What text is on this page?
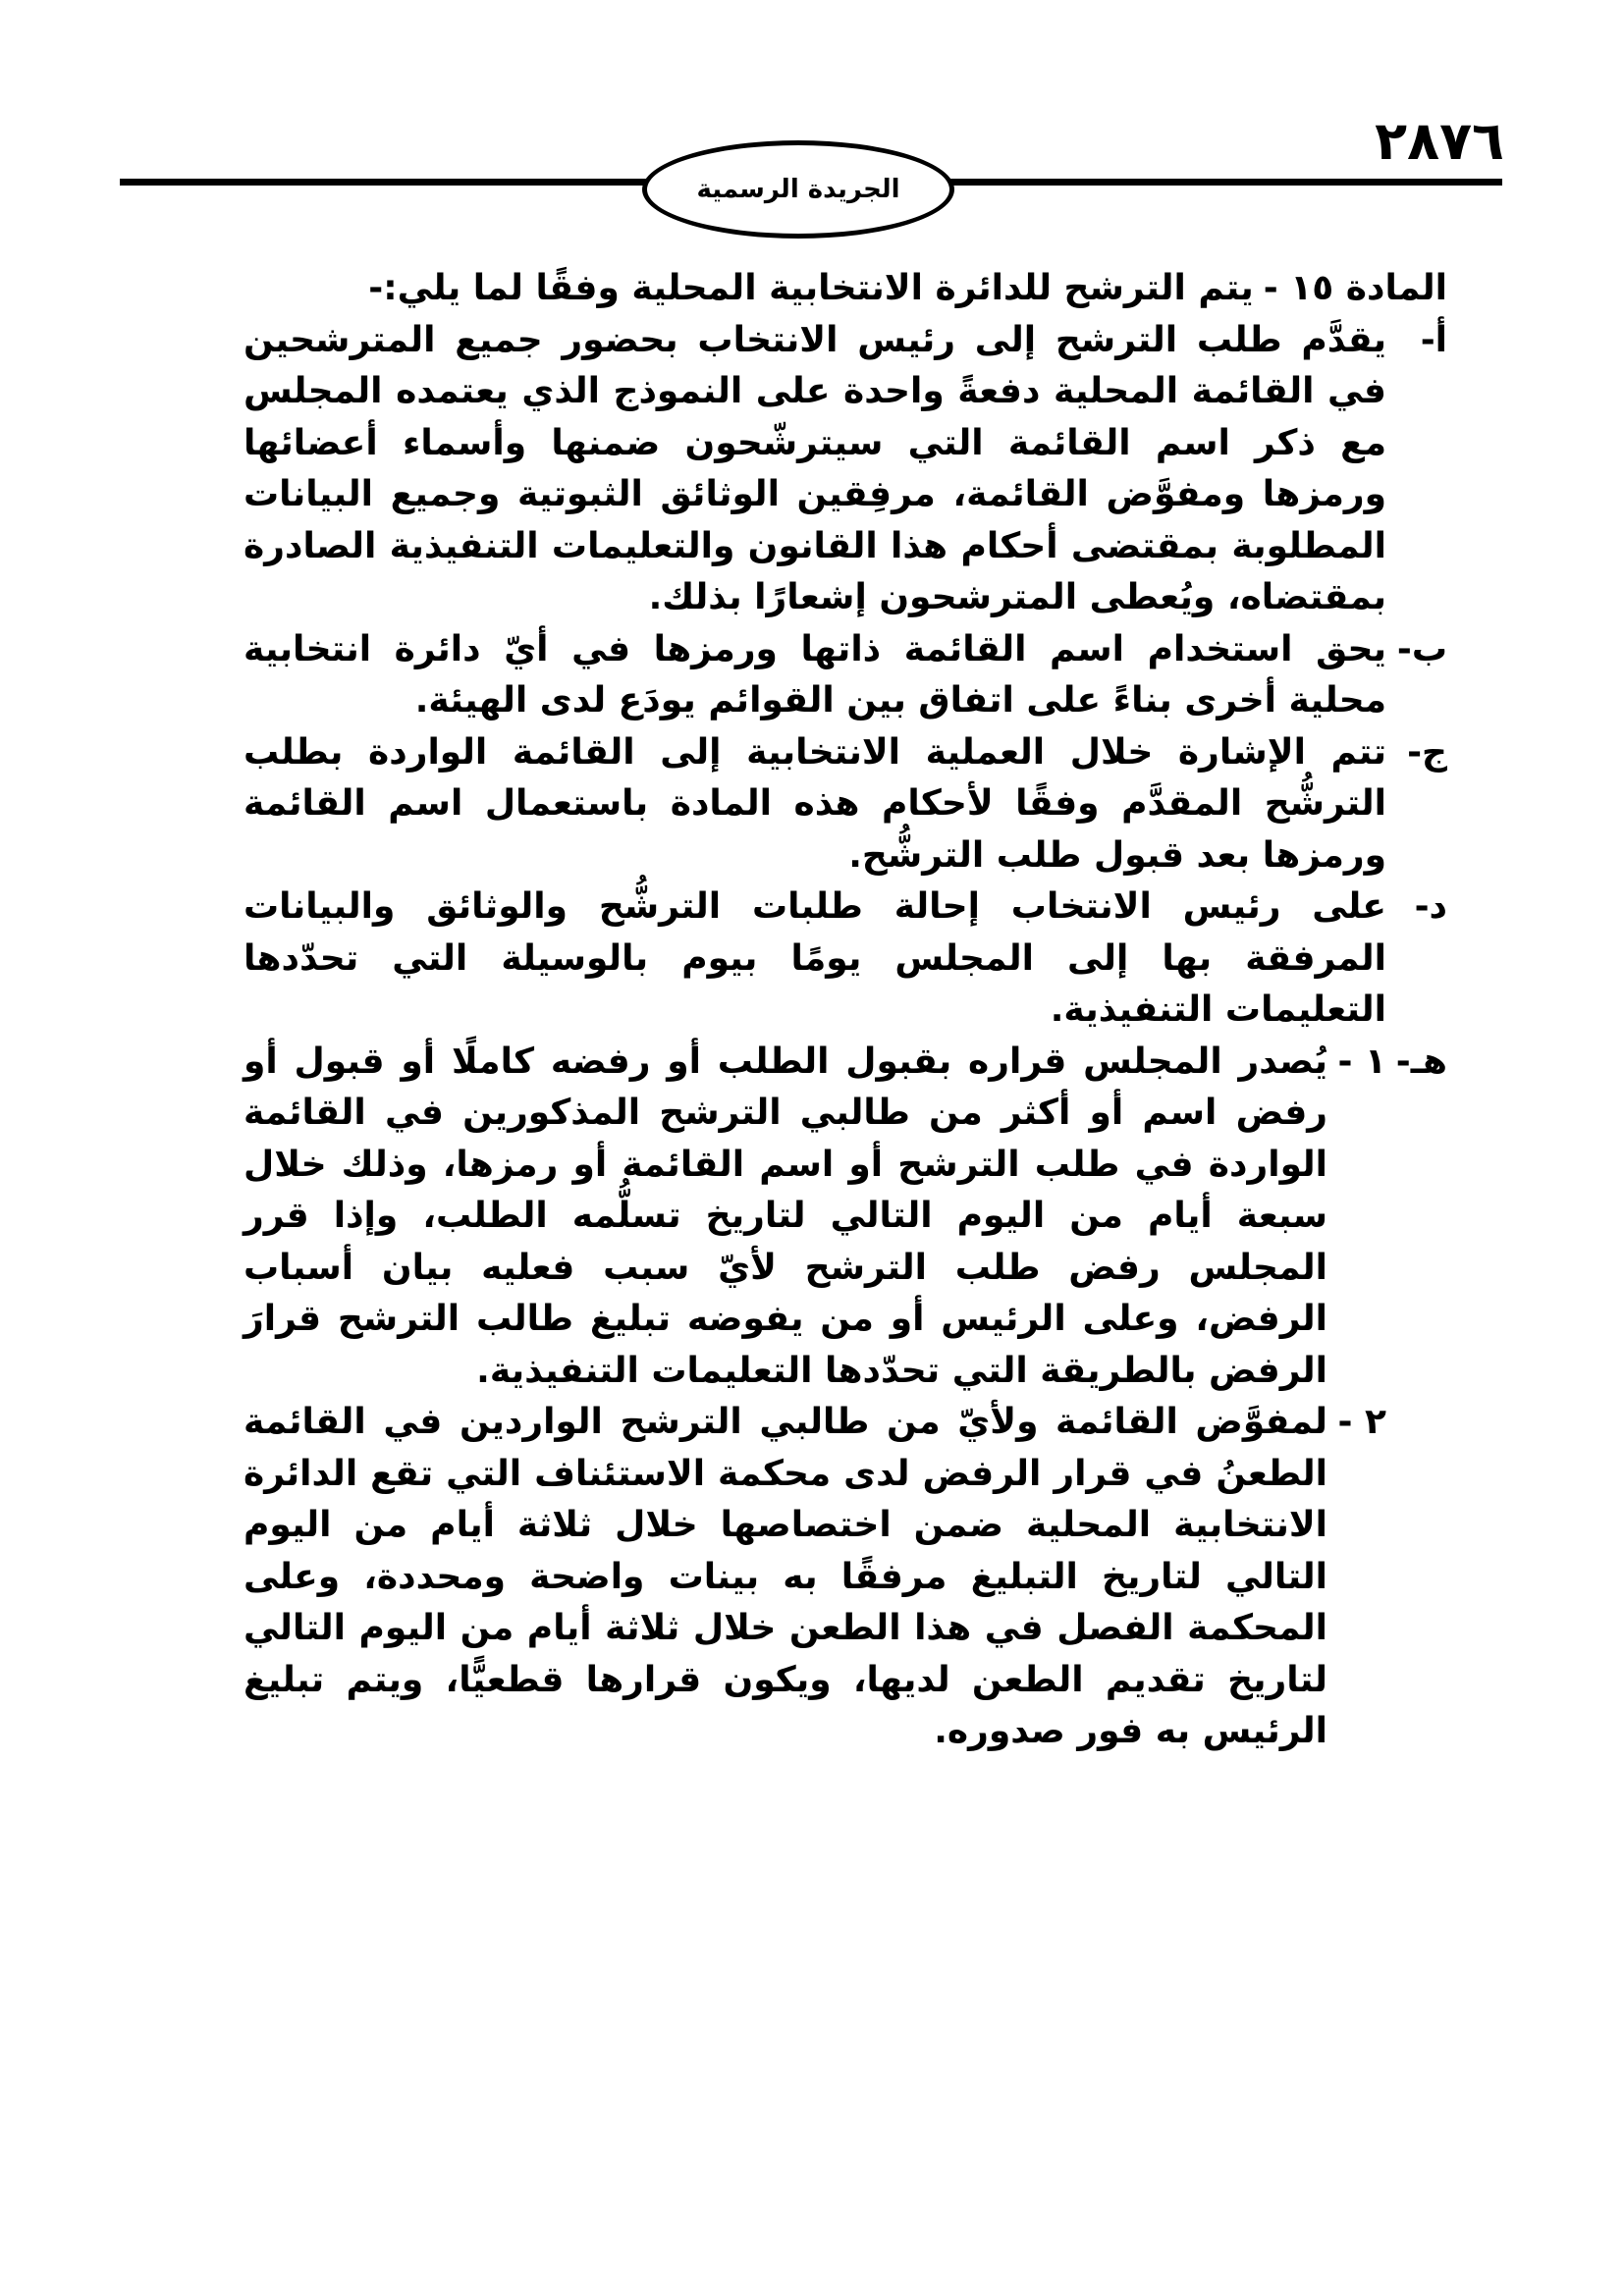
٢٨٧٦
الجريدة الرسمية

المادة ١٥ -
يتم الترشح للدائرة الانتخابية المحلية وفقًا لما يلي:-

أ-
يقدَّم طلب الترشح إلى رئيس الانتخاب بحضور جميع المترشحين في القائمة المحلية دفعةً واحدة على النموذج الذي يعتمده المجلس مع ذكر اسم القائمة التي سيترشّحون ضمنها وأسماء أعضائها ورمزها ومفوَّض القائمة، مرفِقين الوثائق الثبوتية وجميع البيانات المطلوبة بمقتضى أحكام هذا القانون والتعليمات التنفيذية الصادرة بمقتضاه، ويُعطى المترشحون إشعارًا بذلك.
ب-
يحق استخدام اسم القائمة ذاتها ورمزها في أيّ دائرة انتخابية محلية أخرى بناءً على اتفاق بين القوائم يودَع لدى الهيئة.
ج-
تتم الإشارة خلال العملية الانتخابية إلى القائمة الواردة بطلب الترشُّح المقدَّم وفقًا لأحكام هذه المادة باستعمال اسم القائمة ورمزها بعد قبول طلب الترشُّح.
د-
على رئيس الانتخاب إحالة طلبات الترشُّح والوثائق والبيانات المرفقة بها إلى المجلس يومًا بيوم بالوسيلة التي تحدّدها التعليمات التنفيذية.
هـ-
١ -
يُصدر المجلس قراره بقبول الطلب أو رفضه كاملًا أو قبول أو رفض اسم أو أكثر من طالبي الترشح المذكورين في القائمة الواردة في طلب الترشح أو اسم القائمة أو رمزها، وذلك خلال سبعة أيام من اليوم التالي لتاريخ تسلُّمه الطلب، وإذا قرر المجلس رفض طلب الترشح لأيّ سبب فعليه بيان أسباب الرفض، وعلى الرئيس أو من يفوضه تبليغ طالب الترشح قرارَ الرفض بالطريقة التي تحدّدها التعليمات التنفيذية.
٢ -
لمفوَّض القائمة ولأيّ من طالبي الترشح الواردين في القائمة الطعنُ في قرار الرفض لدى محكمة الاستئناف التي تقع الدائرة الانتخابية المحلية ضمن اختصاصها خلال ثلاثة أيام من اليوم التالي لتاريخ التبليغ مرفقًا به بينات واضحة ومحددة، وعلى المحكمة الفصل في هذا الطعن خلال ثلاثة أيام من اليوم التالي لتاريخ تقديم الطعن لديها، ويكون قرارها قطعيًّا، ويتم تبليغ الرئيس به فور صدوره.
